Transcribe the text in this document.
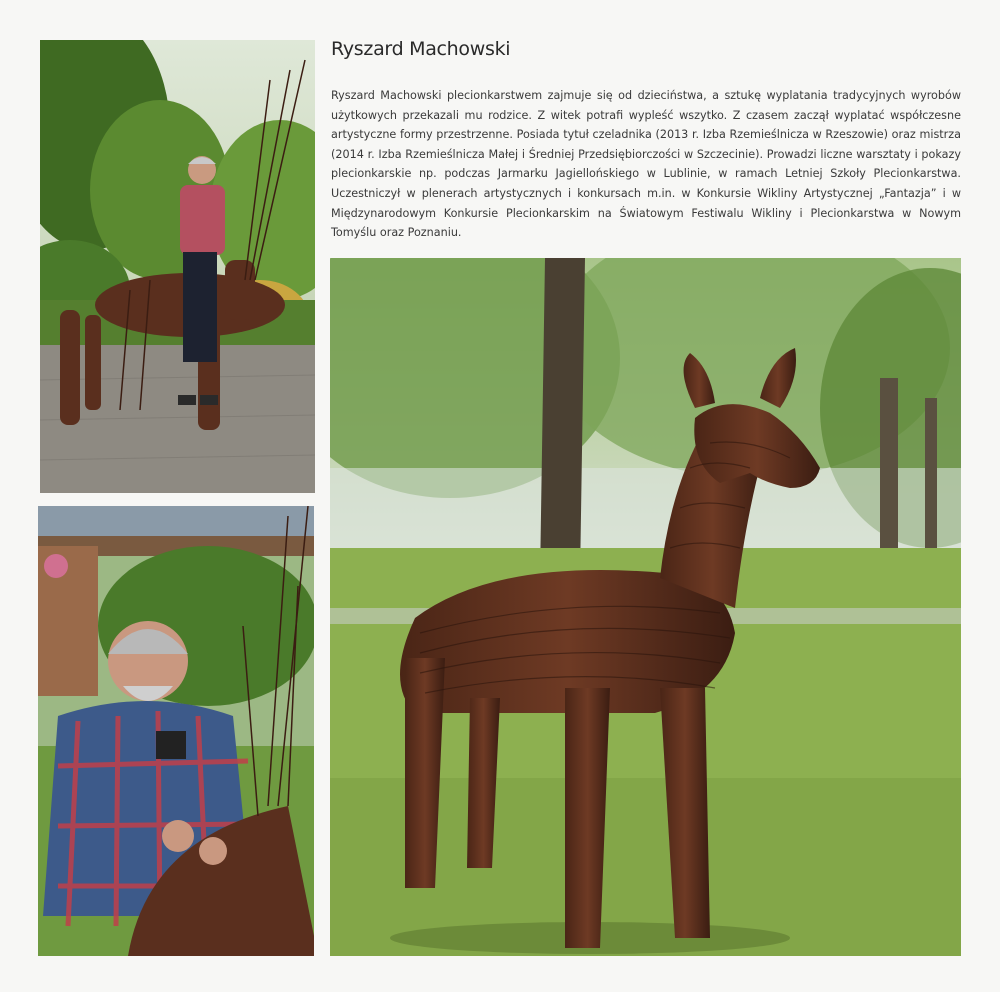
Ryszard Machowski
Ryszard Machowski plecionkarstwem zajmuje się od dzieciństwa, a sztukę wyplatania tradycyjnych wyrobów użytkowych przekazali mu rodzice. Z witek potrafi wypleść wszytko. Z czasem zaczął wyplatać współczesne artystyczne formy przestrzenne. Posiada tytuł czeladnika (2013 r. Izba Rzemieślnicza w Rzeszowie) oraz mistrza (2014 r. Izba Rzemieślnicza Małej i Średniej Przedsiębiorczości w Szczecinie). Prowadzi liczne warsztaty i pokazy plecionkarskie np. podczas Jarmarku Jagiellońskiego w Lublinie, w ramach Letniej Szkoły Plecionkarstwa. Uczestniczył w plenerach artystycznych i konkursach m.in. w Konkursie Wikliny Artystycznej „Fantazja” i w Międzynarodowym Konkursie Plecionkarskim na Światowym Festiwalu Wikliny i Plecionkarstwa w Nowym Tomyślu oraz Poznaniu.
